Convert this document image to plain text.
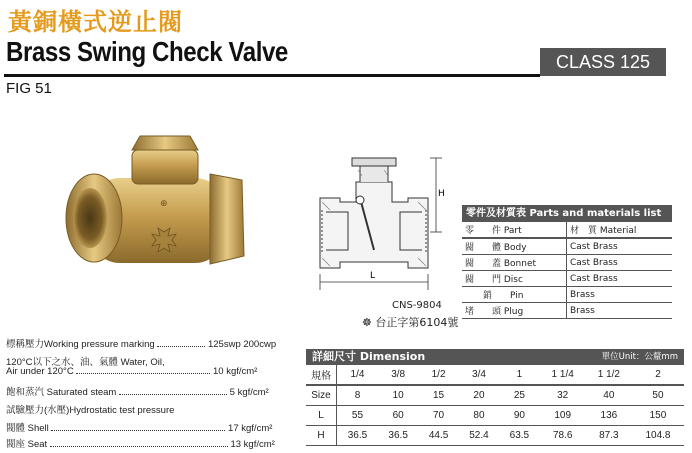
黃銅橫式逆止閥
Brass Swing Check Valve	CLASS 125
FIG 51
⊕
H
L
CNS-9804
☸ 台正字第6104號
零件及材質表 Parts and materials list
零　　件 Part	材　質 Material
閥　　體 Body	Cast Brass
閥　　蓋 Bonnet	Cast Brass
閥　　門 Disc	Cast Brass
　　銷　　Pin	Brass
堵　　頭 Plug	Brass
標稱壓力Working pressure marking	125swp 200cwp
120°C以下之水、油、氣體 Water, Oil,
Air under 120°C	10 kgf/cm²
飽和蒸汽 Saturated steam	5 kgf/cm²
試驗壓力(水壓)Hydrostatic test pressure
閥體 Shell	17 kgf/cm²
閥座 Seat	13 kgf/cm²
詳細尺寸 Dimension	單位Unit：公釐mm
規格	1/4	3/8	1/2	3/4	1	1 1/4	1 1/2	2
Size	8	10	15	20	25	32	40	50
L	55	60	70	80	90	109	136	150
H	36.5	36.5	44.5	52.4	63.5	78.6	87.3	104.8
